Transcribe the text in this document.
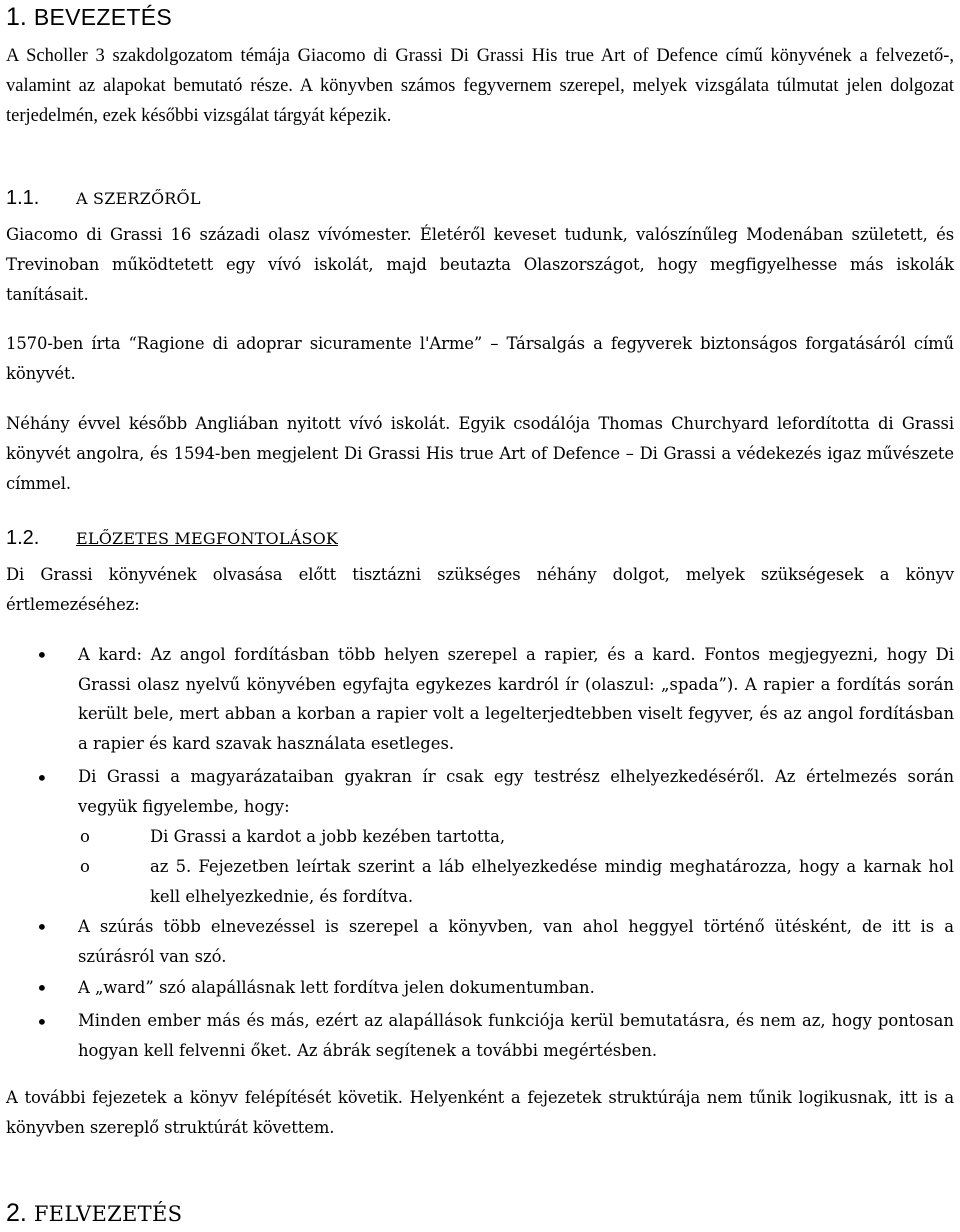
1. BEVEZETÉS

A Scholler 3 szakdolgozatom témája Giacomo di Grassi Di Grassi His true Art of Defence című könyvének a felvezető-, valamint az alapokat bemutató része. A könyvben számos fegyvernem szerepel, melyek vizsgálata túlmutat jelen dolgozat terjedelmén, ezek későbbi vizsgálat tárgyát képezik.

1.1. A SZERZŐRŐL

Giacomo di Grassi 16 századi olasz vívómester. Életéről keveset tudunk, valószínűleg Modenában született, és Trevinoban működtetett egy vívó iskolát, majd beutazta Olaszországot, hogy megfigyelhesse más iskolák tanításait.

1570-ben írta “Ragione di adoprar sicuramente l'Arme” – Társalgás a fegyverek biztonságos forgatásáról című könyvét.

Néhány évvel később Angliában nyitott vívó iskolát. Egyik csodálója Thomas Churchyard lefordította di Grassi könyvét angolra, és 1594-ben megjelent Di Grassi His true Art of Defence – Di Grassi a védekezés igaz művészete címmel.

1.2. ELŐZETES MEGFONTOLÁSOK

Di Grassi könyvének olvasása előtt tisztázni szükséges néhány dolgot, melyek szükségesek a könyv értlemezéséhez:

• A kard: Az angol fordításban több helyen szerepel a rapier, és a kard. Fontos megjegyezni, hogy Di Grassi olasz nyelvű könyvében egyfajta egykezes kardról ír (olaszul: „spada”). A rapier a fordítás során került bele, mert abban a korban a rapier volt a legelterjedtebben viselt fegyver, és az angol fordításban a rapier és kard szavak használata esetleges.

• Di Grassi a magyarázataiban gyakran ír csak egy testrész elhelyezkedéséről. Az értelmezés során vegyük figyelembe, hogy:

o	Di Grassi a kardot a jobb kezében tartotta,

o	az 5. Fejezetben leírtak szerint a láb elhelyezkedése mindig meghatározza, hogy a karnak hol kell elhelyezkednie, és fordítva.

• A szúrás több elnevezéssel is szerepel a könyvben, van ahol heggyel történő ütésként, de itt is a szúrásról van szó.

• A „ward” szó alapállásnak lett fordítva jelen dokumentumban.

• Minden ember más és más, ezért az alapállások funkciója kerül bemutatásra, és nem az, hogy pontosan hogyan kell felvenni őket. Az ábrák segítenek a további megértésben.

A további fejezetek a könyv felépítését követik. Helyenként a fejezetek struktúrája nem tűnik logikusnak, itt is a könyvben szereplő struktúrát követtem.

2. FELVEZETÉS
